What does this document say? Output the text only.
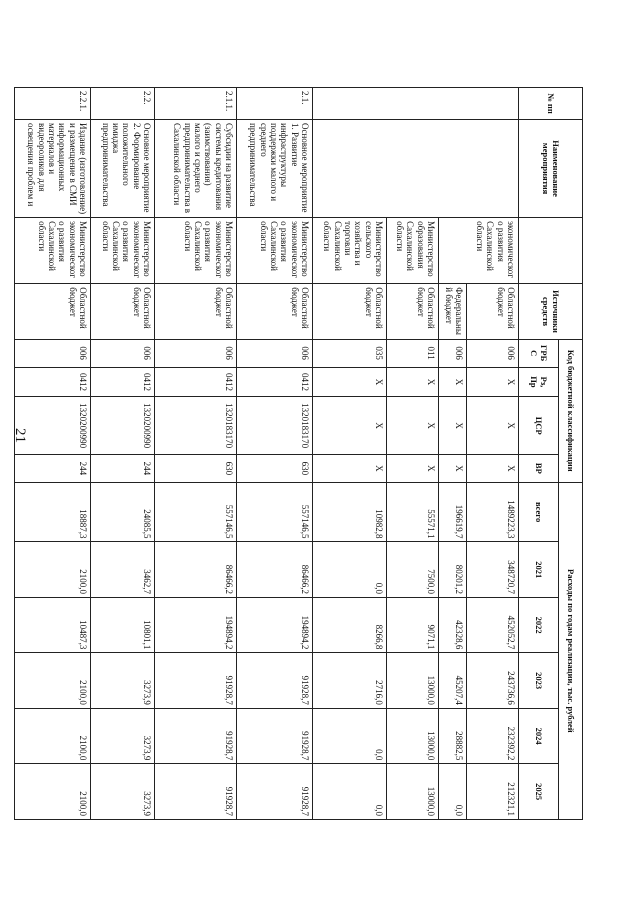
21
№ пп	Наименование мероприятия		Источники средств	Код бюджетной классификации				Расходы по годам реализации, тыс. рублей					
				ГРБС	Рз, Пр	ЦСР	ВР	всего	2021	2022	2023	2024	2025
		экономического развития Сахалинской области	Областной бюджет	006	X	X	X	1489223,3	348720,7	452052,7	243736,6	232392,2	212321,1
			Федеральный бюджет	006	X	X	X	196619,7	80201,2	42328,6	45207,4	28882,5	0,0
		Министерство образования Сахалинской области	Областной бюджет	011	X	X	X	55571,1	7500,0	9071,1	13000,0	13000,0	13000,0
		Министерство сельского хозяйства и торговли Сахалинской области	Областной бюджет	035	X	X	X	10982,8	0,0	8266,8	2716,0	0,0	0,0
2.1.	Основное мероприятие 1. Развитие инфраструктуры поддержки малого и среднего предпринимательства	Министерство экономического развития Сахалинской области	Областной бюджет	006	0412	1320183170	630	557146,5	86466,2	194894,2	91928,7	91928,7	91928,7
2.1.1.	Субсидии на развитие системы кредитования (заимствования) малого и среднего предпринимательства в Сахалинской области	Министерство экономического развития Сахалинской области	Областной бюджет	006	0412	1320183170	630	557146,5	86466,2	194894,2	91928,7	91928,7	91928,7
2.2.	Основное мероприятие 2. Формирование положительного имиджа предпринимательства	Министерство экономического развития Сахалинской области	Областной бюджет	006	0412	1320200990	244	24085,5	3462,7	10801,1	3273,9	3273,9	3273,9
2.2.1.	Издание (изготовление) и размещение в СМИ информационных материалов и видеороликов для освещения проблем и	Министерство экономического развития Сахалинской области	Областной бюджет	006	0412	1320200990	244	18887,3	2100,0	10487,3	2100,0	2100,0	2100,0
